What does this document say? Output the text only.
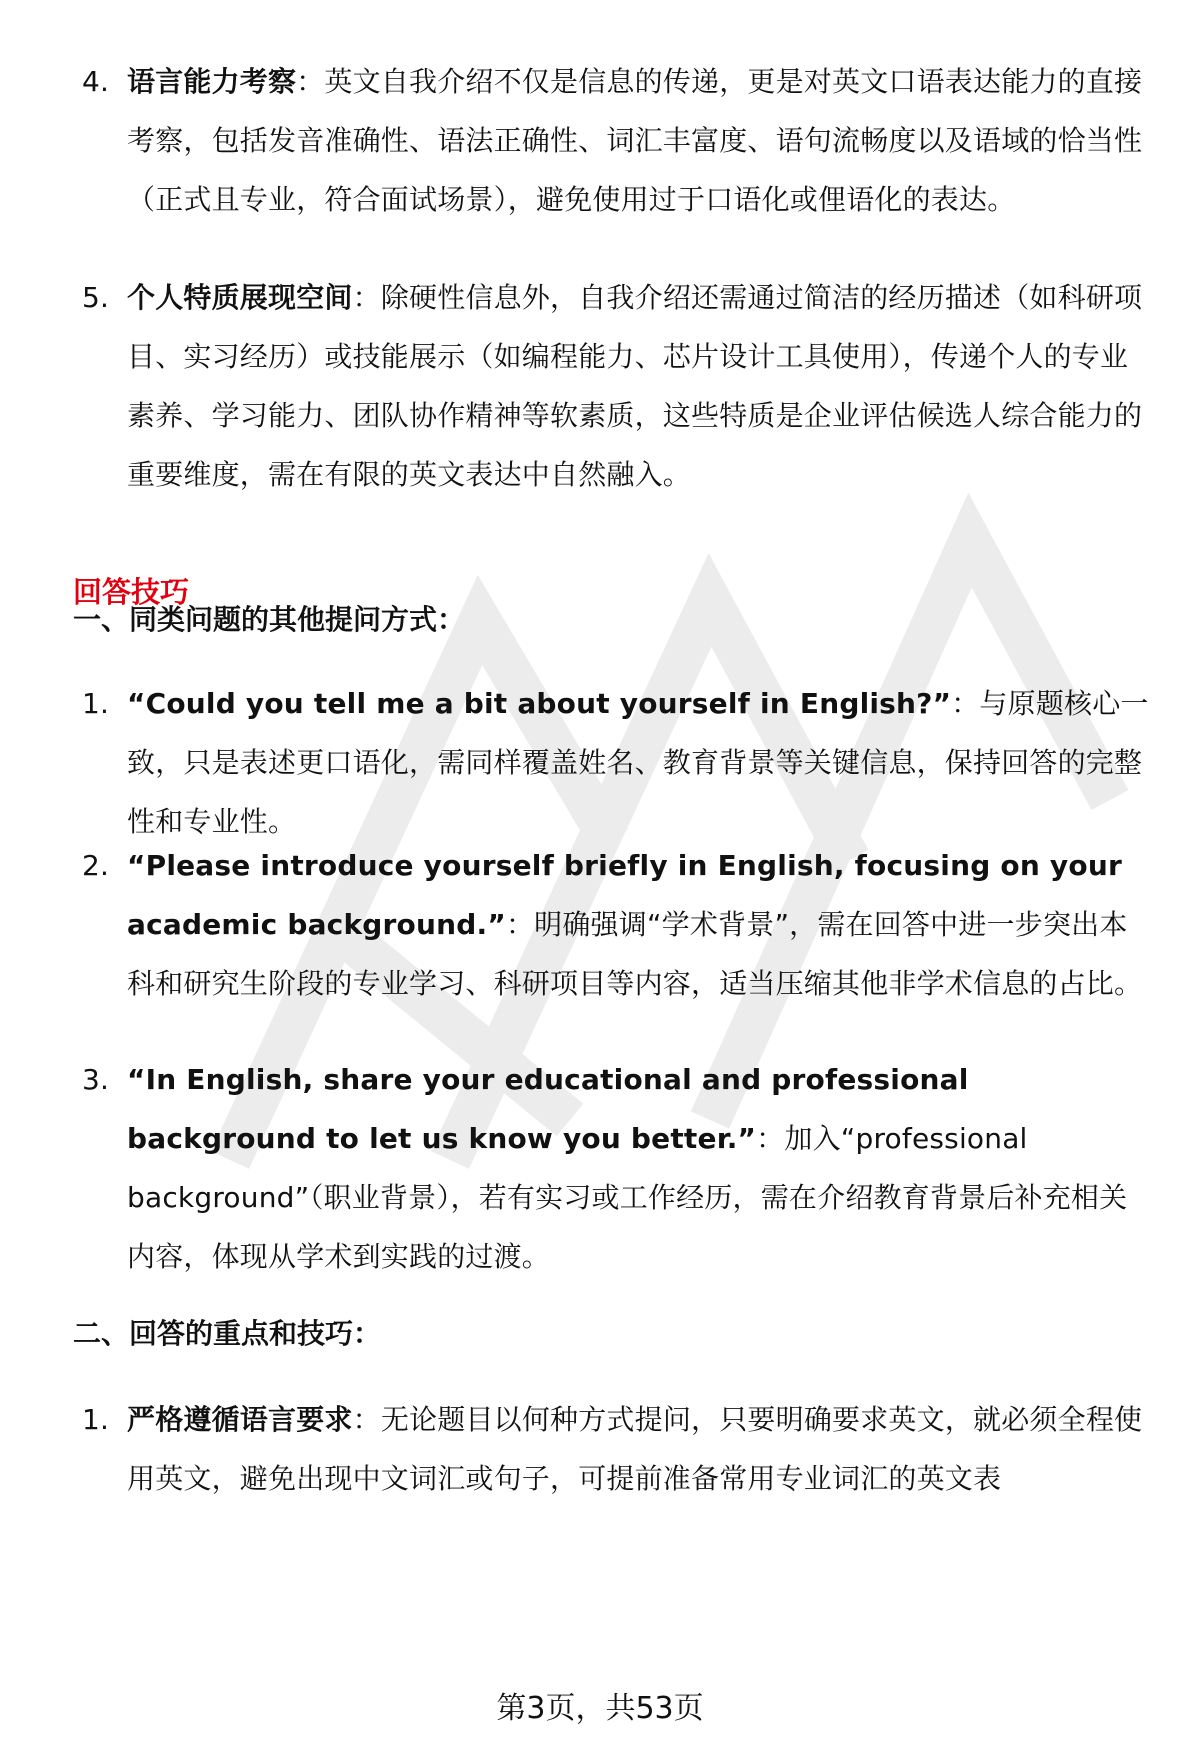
4. 语言能力考察：英文自我介绍不仅是信息的传递，更是对英文口语表达能力的直接考察，包括发音准确性、语法正确性、词汇丰富度、语句流畅度以及语域的恰当性（正式且专业，符合面试场景），避免使用过于口语化或俚语化的表达。
5. 个人特质展现空间：除硬性信息外，自我介绍还需通过简洁的经历描述（如科研项目、实习经历）或技能展示（如编程能力、芯片设计工具使用），传递个人的专业素养、学习能力、团队协作精神等软素质，这些特质是企业评估候选人综合能力的重要维度，需在有限的英文表达中自然融入。
回答技巧
一、同类问题的其他提问方式：
1. “Could you tell me a bit about yourself in English?”：与原题核心一致，只是表述更口语化，需同样覆盖姓名、教育背景等关键信息，保持回答的完整性和专业性。
2. “Please introduce yourself briefly in English, focusing on your academic background.”：明确强调“学术背景”，需在回答中进一步突出本科和研究生阶段的专业学习、科研项目等内容，适当压缩其他非学术信息的占比。
3. “In English, share your educational and professional background to let us know you better.”：加入“professional background”（职业背景），若有实习或工作经历，需在介绍教育背景后补充相关内容，体现从学术到实践的过渡。
二、回答的重点和技巧：
1. 严格遵循语言要求：无论题目以何种方式提问，只要明确要求英文，就必须全程使用英文，避免出现中文词汇或句子，可提前准备常用专业词汇的英文表
第3页，共53页
